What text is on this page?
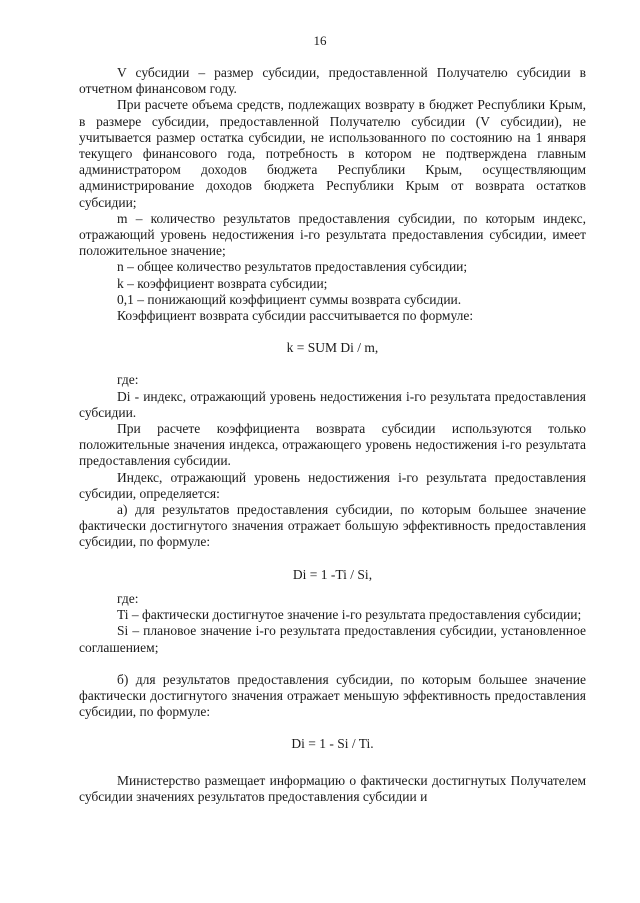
16

V субсидии – размер субсидии, предоставленной Получателю субсидии в отчетном финансовом году.

При расчете объема средств, подлежащих возврату в бюджет Республики Крым, в размере субсидии, предоставленной Получателю субсидии (V субсидии), не учитывается размер остатка субсидии, не использованного по состоянию на 1 января текущего финансового года, потребность в котором не подтверждена главным администратором доходов бюджета Республики Крым, осуществляющим администрирование доходов бюджета Республики Крым от возврата остатков субсидии;

m – количество результатов предоставления субсидии, по которым индекс, отражающий уровень недостижения i-го результата предоставления субсидии, имеет положительное значение;

n – общее количество результатов предоставления субсидии;

k – коэффициент возврата субсидии;

0,1 – понижающий коэффициент суммы возврата субсидии.

Коэффициент возврата субсидии рассчитывается по формуле:

k = SUM Di / m,

где:

Di - индекс, отражающий уровень недостижения i-го результата предоставления субсидии.

При расчете коэффициента возврата субсидии используются только положительные значения индекса, отражающего уровень недостижения i-го результата предоставления субсидии.

Индекс, отражающий уровень недостижения i-го результата предоставления субсидии, определяется:

а) для результатов предоставления субсидии, по которым большее значение фактически достигнутого значения отражает большую эффективность предоставления субсидии, по формуле:

Di = 1 -Ti / Si,

где:

Ti – фактически достигнутое значение i-го результата предоставления субсидии;

Si – плановое значение i-го результата предоставления субсидии, установленное соглашением;

б) для результатов предоставления субсидии, по которым большее значение фактически достигнутого значения отражает меньшую эффективность предоставления субсидии, по формуле:

Di = 1 - Si / Ti.

Министерство размещает информацию о фактически достигнутых Получателем субсидии значениях результатов предоставления субсидии и
